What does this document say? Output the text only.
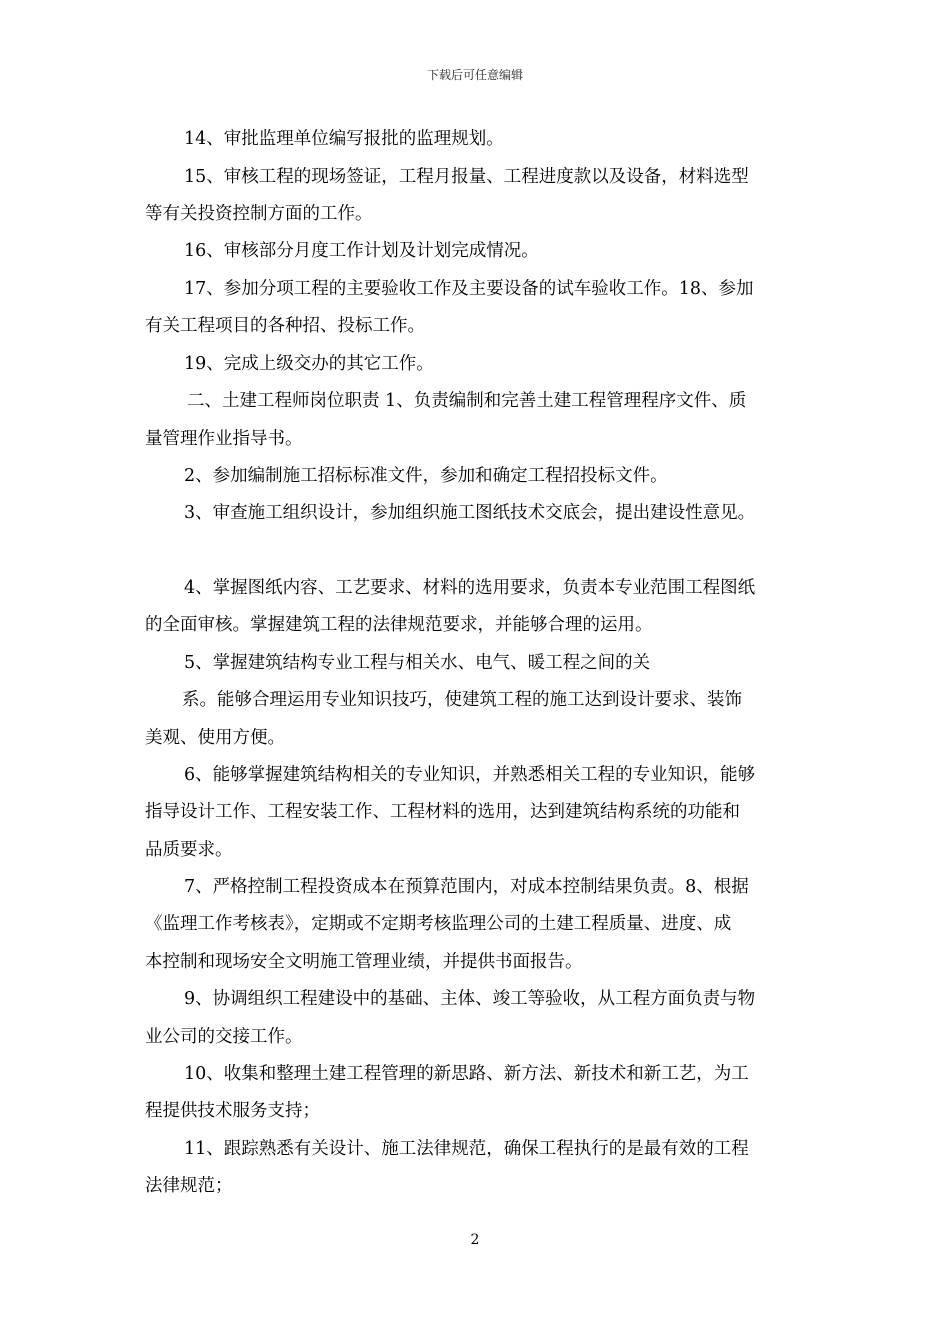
下载后可任意编辑
14、审批监理单位编写报批的监理规划。
15、审核工程的现场签证，工程月报量、工程进度款以及设备，材料选型
等有关投资控制方面的工作。
16、审核部分月度工作计划及计划完成情况。
17、参加分项工程的主要验收工作及主要设备的试车验收工作。18、参加
有关工程项目的各种招、投标工作。
19、完成上级交办的其它工作。
二、土建工程师岗位职责 1、负责编制和完善土建工程管理程序文件、质
量管理作业指导书。
2、参加编制施工招标标准文件，参加和确定工程招投标文件。
3、审查施工组织设计，参加组织施工图纸技术交底会，提出建设性意见。
4、掌握图纸内容、工艺要求、材料的选用要求，负责本专业范围工程图纸
的全面审核。掌握建筑工程的法律规范要求，并能够合理的运用。
5、掌握建筑结构专业工程与相关水、电气、暖工程之间的关
系。能够合理运用专业知识技巧，使建筑工程的施工达到设计要求、装饰
美观、使用方便。
6、能够掌握建筑结构相关的专业知识，并熟悉相关工程的专业知识，能够
指导设计工作、工程安装工作、工程材料的选用，达到建筑结构系统的功能和
品质要求。
7、严格控制工程投资成本在预算范围内，对成本控制结果负责。8、根据
《监理工作考核表》，定期或不定期考核监理公司的土建工程质量、进度、成
本控制和现场安全文明施工管理业绩，并提供书面报告。
9、协调组织工程建设中的基础、主体、竣工等验收，从工程方面负责与物
业公司的交接工作。
10、收集和整理土建工程管理的新思路、新方法、新技术和新工艺，为工
程提供技术服务支持；
11、跟踪熟悉有关设计、施工法律规范，确保工程执行的是最有效的工程
法律规范；
2
